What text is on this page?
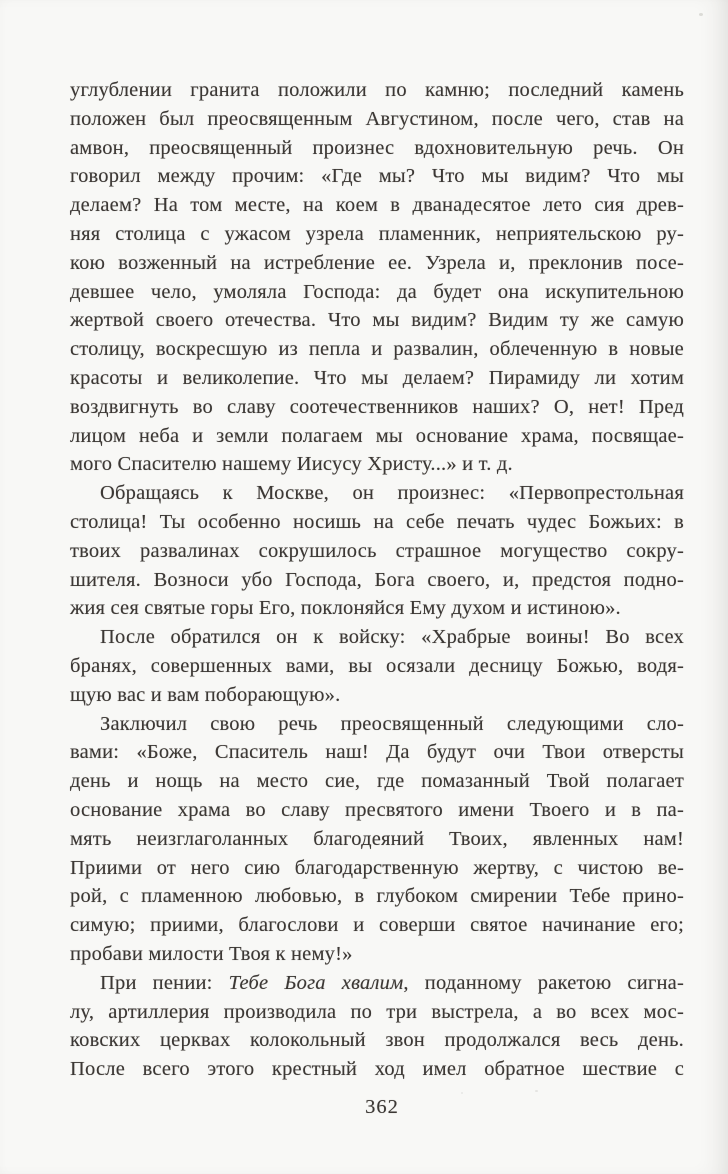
углублении гранита положили по камню; последний камень
положен был преосвященным Августином, после чего, став на
амвон, преосвященный произнес вдохновительную речь. Он
говорил между прочим: «Где мы? Что мы видим? Что мы
делаем? На том месте, на коем в дванадесятое лето сия древ-
няя столица с ужасом узрела пламенник, неприятельскою ру-
кою возженный на истребление ее. Узрела и, преклонив посе-
девшее чело, умоляла Господа: да будет она искупительною
жертвой своего отечества. Что мы видим? Видим ту же самую
столицу, воскресшую из пепла и развалин, облеченную в новые
красоты и великолепие. Что мы делаем? Пирамиду ли хотим
воздвигнуть во славу соотечественников наших? О, нет! Пред
лицом неба и земли полагаем мы основание храма, посвящае-
мого Спасителю нашему Иисусу Христу...» и т. д.
Обращаясь к Москве, он произнес: «Первопрестольная
столица! Ты особенно носишь на себе печать чудес Божьих: в
твоих развалинах сокрушилось страшное могущество сокру-
шителя. Возноси убо Господа, Бога своего, и, предстоя подно-
жия сея святые горы Его, поклоняйся Ему духом и истиною».
После обратился он к войску: «Храбрые воины! Во всех
бранях, совершенных вами, вы осязали десницу Божью, водя-
щую вас и вам поборающую».
Заключил свою речь преосвященный следующими сло-
вами: «Боже, Спаситель наш! Да будут очи Твои отверсты
день и нощь на место сие, где помазанный Твой полагает
основание храма во славу пресвятого имени Твоего и в па-
мять неизглаголанных благодеяний Твоих, явленных нам!
Приими от него сию благодарственную жертву, с чистою ве-
рой, с пламенною любовью, в глубоком смирении Тебе прино-
симую; приими, благослови и соверши святое начинание его;
пробави милости Твоя к нему!»
При пении: Тебе Бога хвалим, поданному ракетою сигна-
лу, артиллерия производила по три выстрела, а во всех мос-
ковских церквах колокольный звон продолжался весь день.
После всего этого крестный ход имел обратное шествие с
362
